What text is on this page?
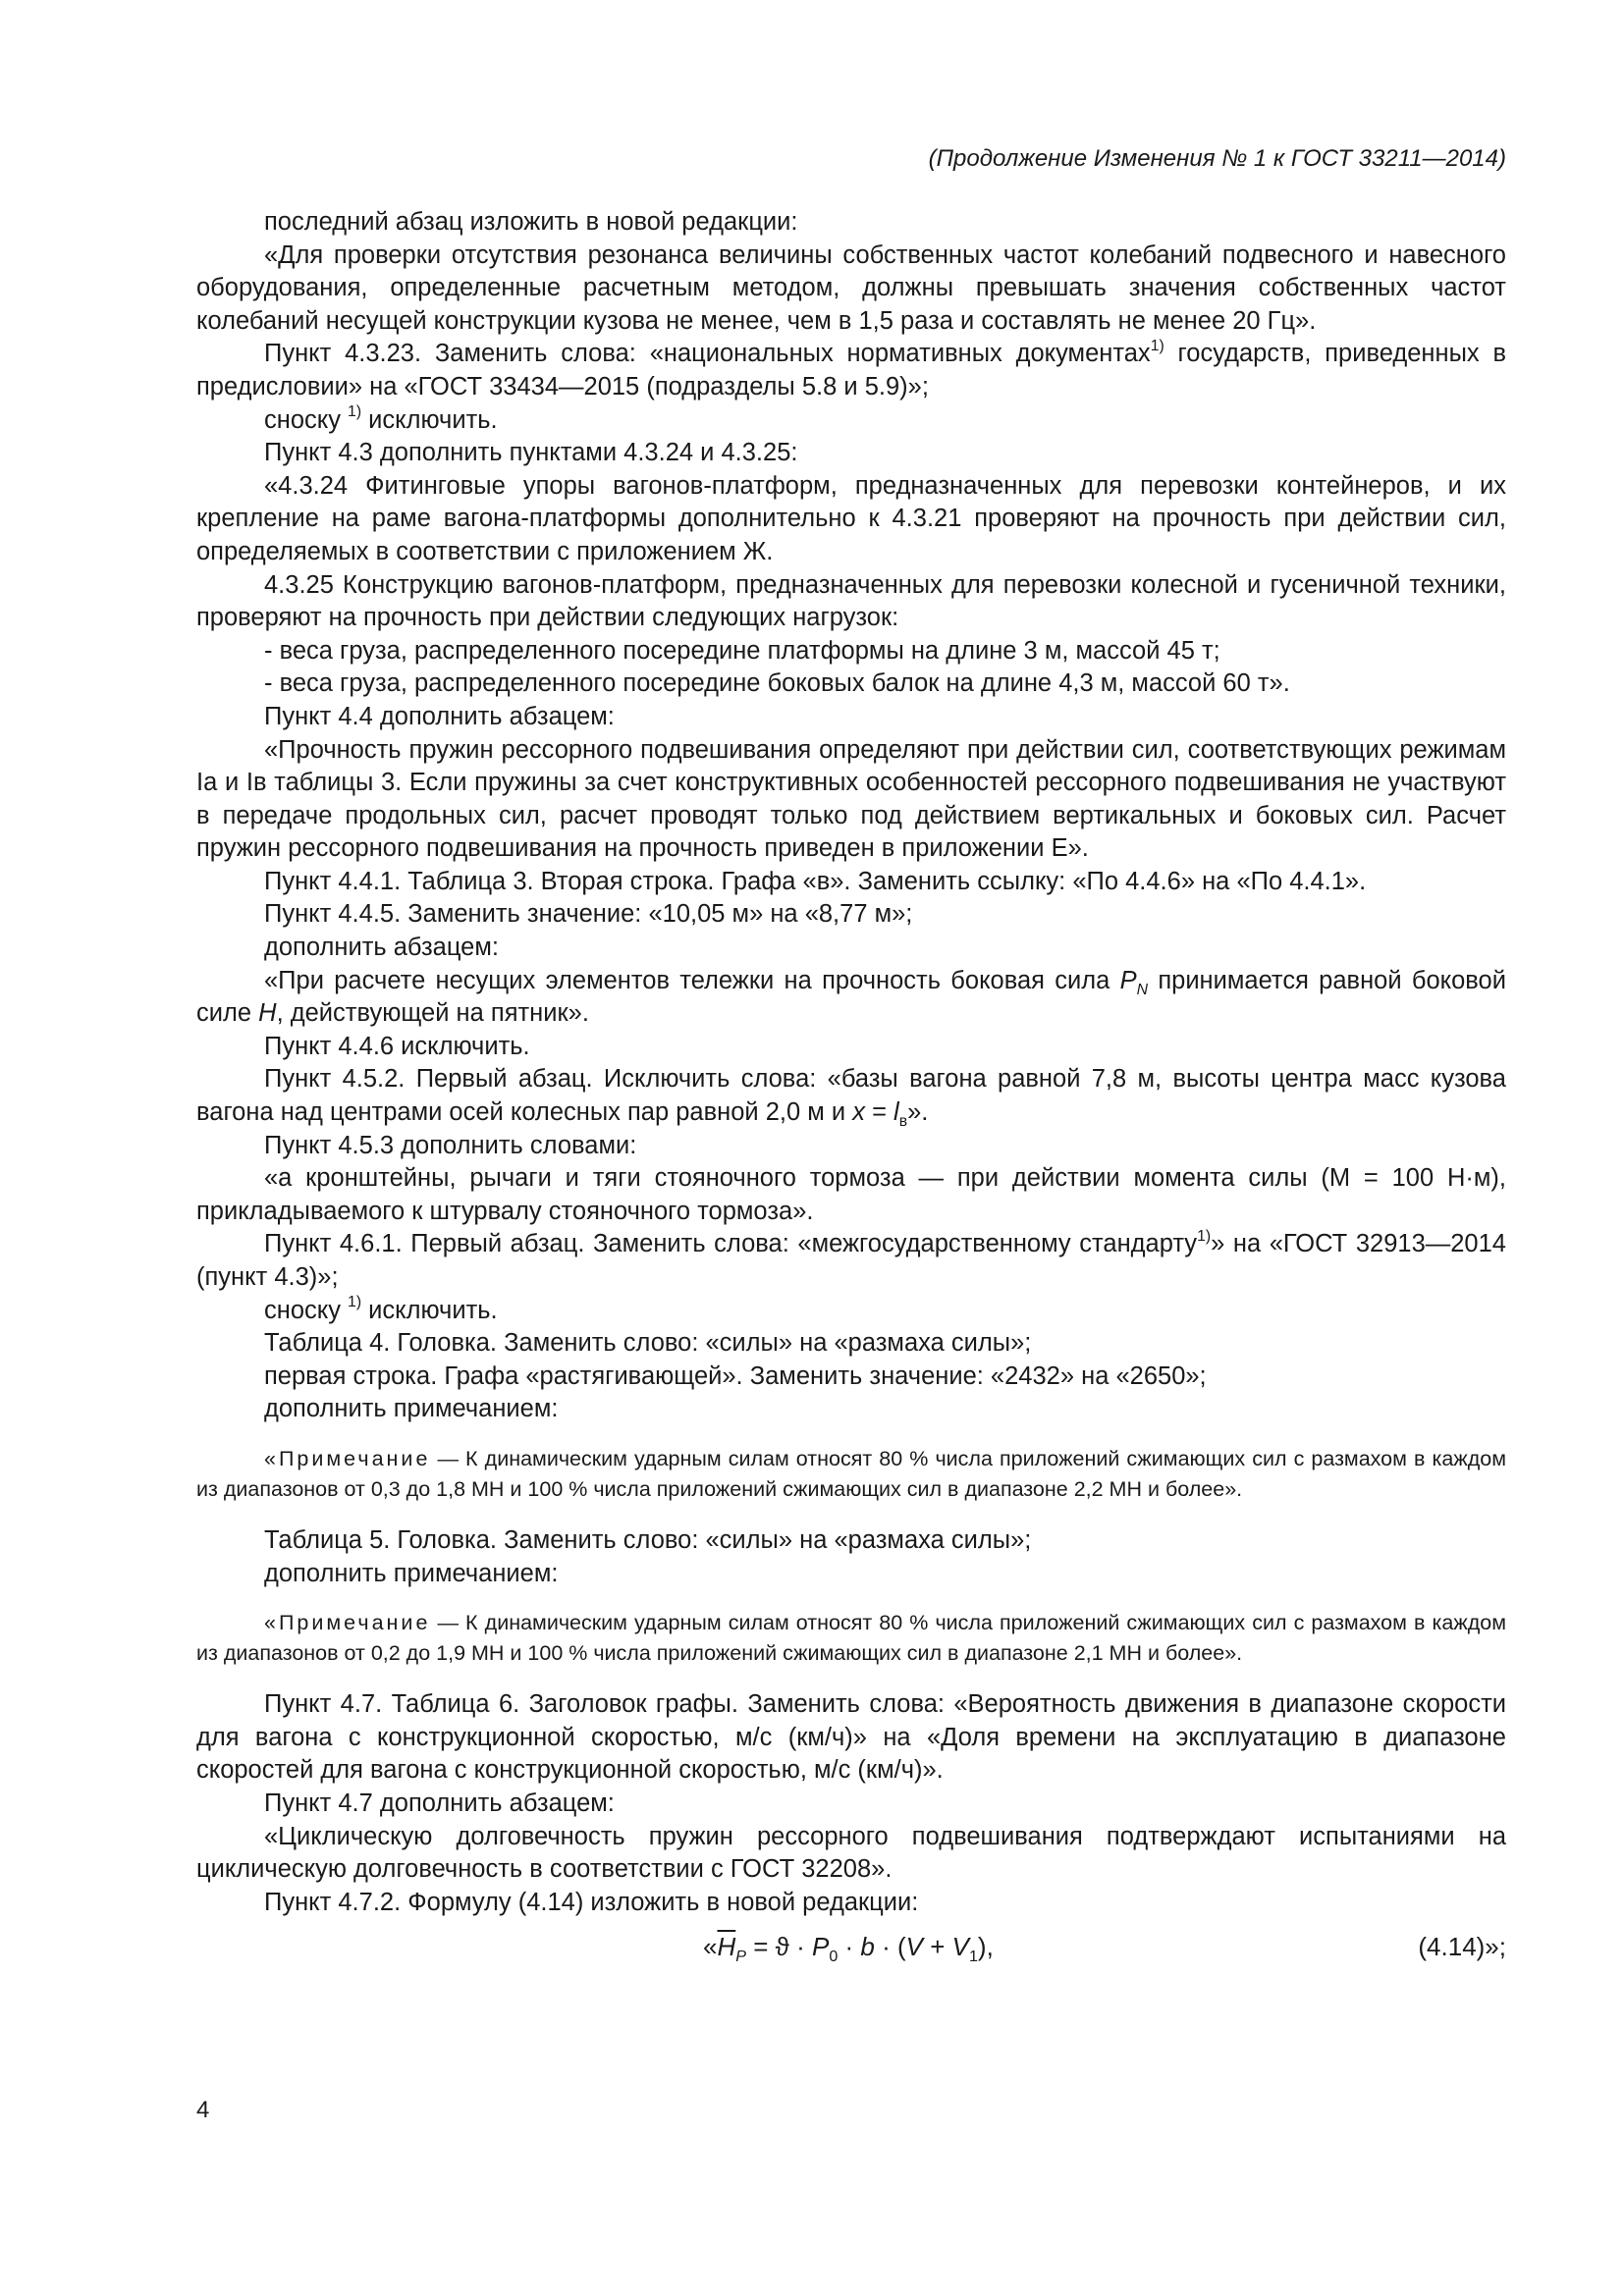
(Продолжение Изменения № 1 к ГОСТ 33211—2014)

последний абзац изложить в новой редакции:

«Для проверки отсутствия резонанса величины собственных частот колебаний подвесного и навесного оборудования, определенные расчетным методом, должны превышать значения собственных частот колебаний несущей конструкции кузова не менее, чем в 1,5 раза и составлять не менее 20 Гц».

Пункт 4.3.23. Заменить слова: «национальных нормативных документах$^{1)}$ государств, приведенных в предисловии» на «ГОСТ 33434—2015 (подразделы 5.8 и 5.9)»;

сноску $^{1)}$ исключить.

Пункт 4.3 дополнить пунктами 4.3.24 и 4.3.25:

«4.3.24 Фитинговые упоры вагонов-платформ, предназначенных для перевозки контейнеров, и их крепление на раме вагона-платформы дополнительно к 4.3.21 проверяют на прочность при действии сил, определяемых в соответствии с приложением Ж.

4.3.25 Конструкцию вагонов-платформ, предназначенных для перевозки колесной и гусеничной техники, проверяют на прочность при действии следующих нагрузок:

- веса груза, распределенного посередине платформы на длине 3 м, массой 45 т;

- веса груза, распределенного посередине боковых балок на длине 4,3 м, массой 60 т».

Пункт 4.4 дополнить абзацем:

«Прочность пружин рессорного подвешивания определяют при действии сил, соответствующих режимам Iа и Iв таблицы 3. Если пружины за счет конструктивных особенностей рессорного подвешивания не участвуют в передаче продольных сил, расчет проводят только под действием вертикальных и боковых сил. Расчет пружин рессорного подвешивания на прочность приведен в приложении Е».

Пункт 4.4.1. Таблица 3. Вторая строка. Графа «в». Заменить ссылку: «По 4.4.6» на «По 4.4.1».

Пункт 4.4.5. Заменить значение: «10,05 м» на «8,77 м»;

дополнить абзацем:

«При расчете несущих элементов тележки на прочность боковая сила $P_N$ принимается равной боковой силе H, действующей на пятник».

Пункт 4.4.6 исключить.

Пункт 4.5.2. Первый абзац. Исключить слова: «базы вагона равной 7,8 м, высоты центра масс кузова вагона над центрами осей колесных пар равной 2,0 м и $x = l_в$».

Пункт 4.5.3 дополнить словами:

«а кронштейны, рычаги и тяги стояночного тормоза — при действии момента силы (М = 100 Н·м), прикладываемого к штурвалу стояночного тормоза».

Пункт 4.6.1. Первый абзац. Заменить слова: «межгосударственному стандарту$^{1)}$» на «ГОСТ 32913—2014 (пункт 4.3)»;

сноску $^{1)}$ исключить.

Таблица 4. Головка. Заменить слово: «силы» на «размаха силы»;

первая строка. Графа «растягивающей». Заменить значение: «2432» на «2650»;

дополнить примечанием:

«Примечание — К динамическим ударным силам относят 80 % числа приложений сжимающих сил с размахом в каждом из диапазонов от 0,3 до 1,8 МН и 100 % числа приложений сжимающих сил в диапазоне 2,2 МН и более».

Таблица 5. Головка. Заменить слово: «силы» на «размаха силы»;

дополнить примечанием:

«Примечание — К динамическим ударным силам относят 80 % числа приложений сжимающих сил с размахом в каждом из диапазонов от 0,2 до 1,9 МН и 100 % числа приложений сжимающих сил в диапазоне 2,1 МН и более».

Пункт 4.7. Таблица 6. Заголовок графы. Заменить слова: «Вероятность движения в диапазоне скорости для вагона с конструкционной скоростью, м/с (км/ч)» на «Доля времени на эксплуатацию в диапазоне скоростей для вагона с конструкционной скоростью, м/с (км/ч)».

Пункт 4.7 дополнить абзацем:

«Циклическую долговечность пружин рессорного подвешивания подтверждают испытаниями на циклическую долговечность в соответствии с ГОСТ 32208».

Пункт 4.7.2. Формулу (4.14) изложить в новой редакции:

«$\overline{H}_P = ϑ \cdot P_0 \cdot b \cdot (V + V_1)$,	(4.14)»;
4
